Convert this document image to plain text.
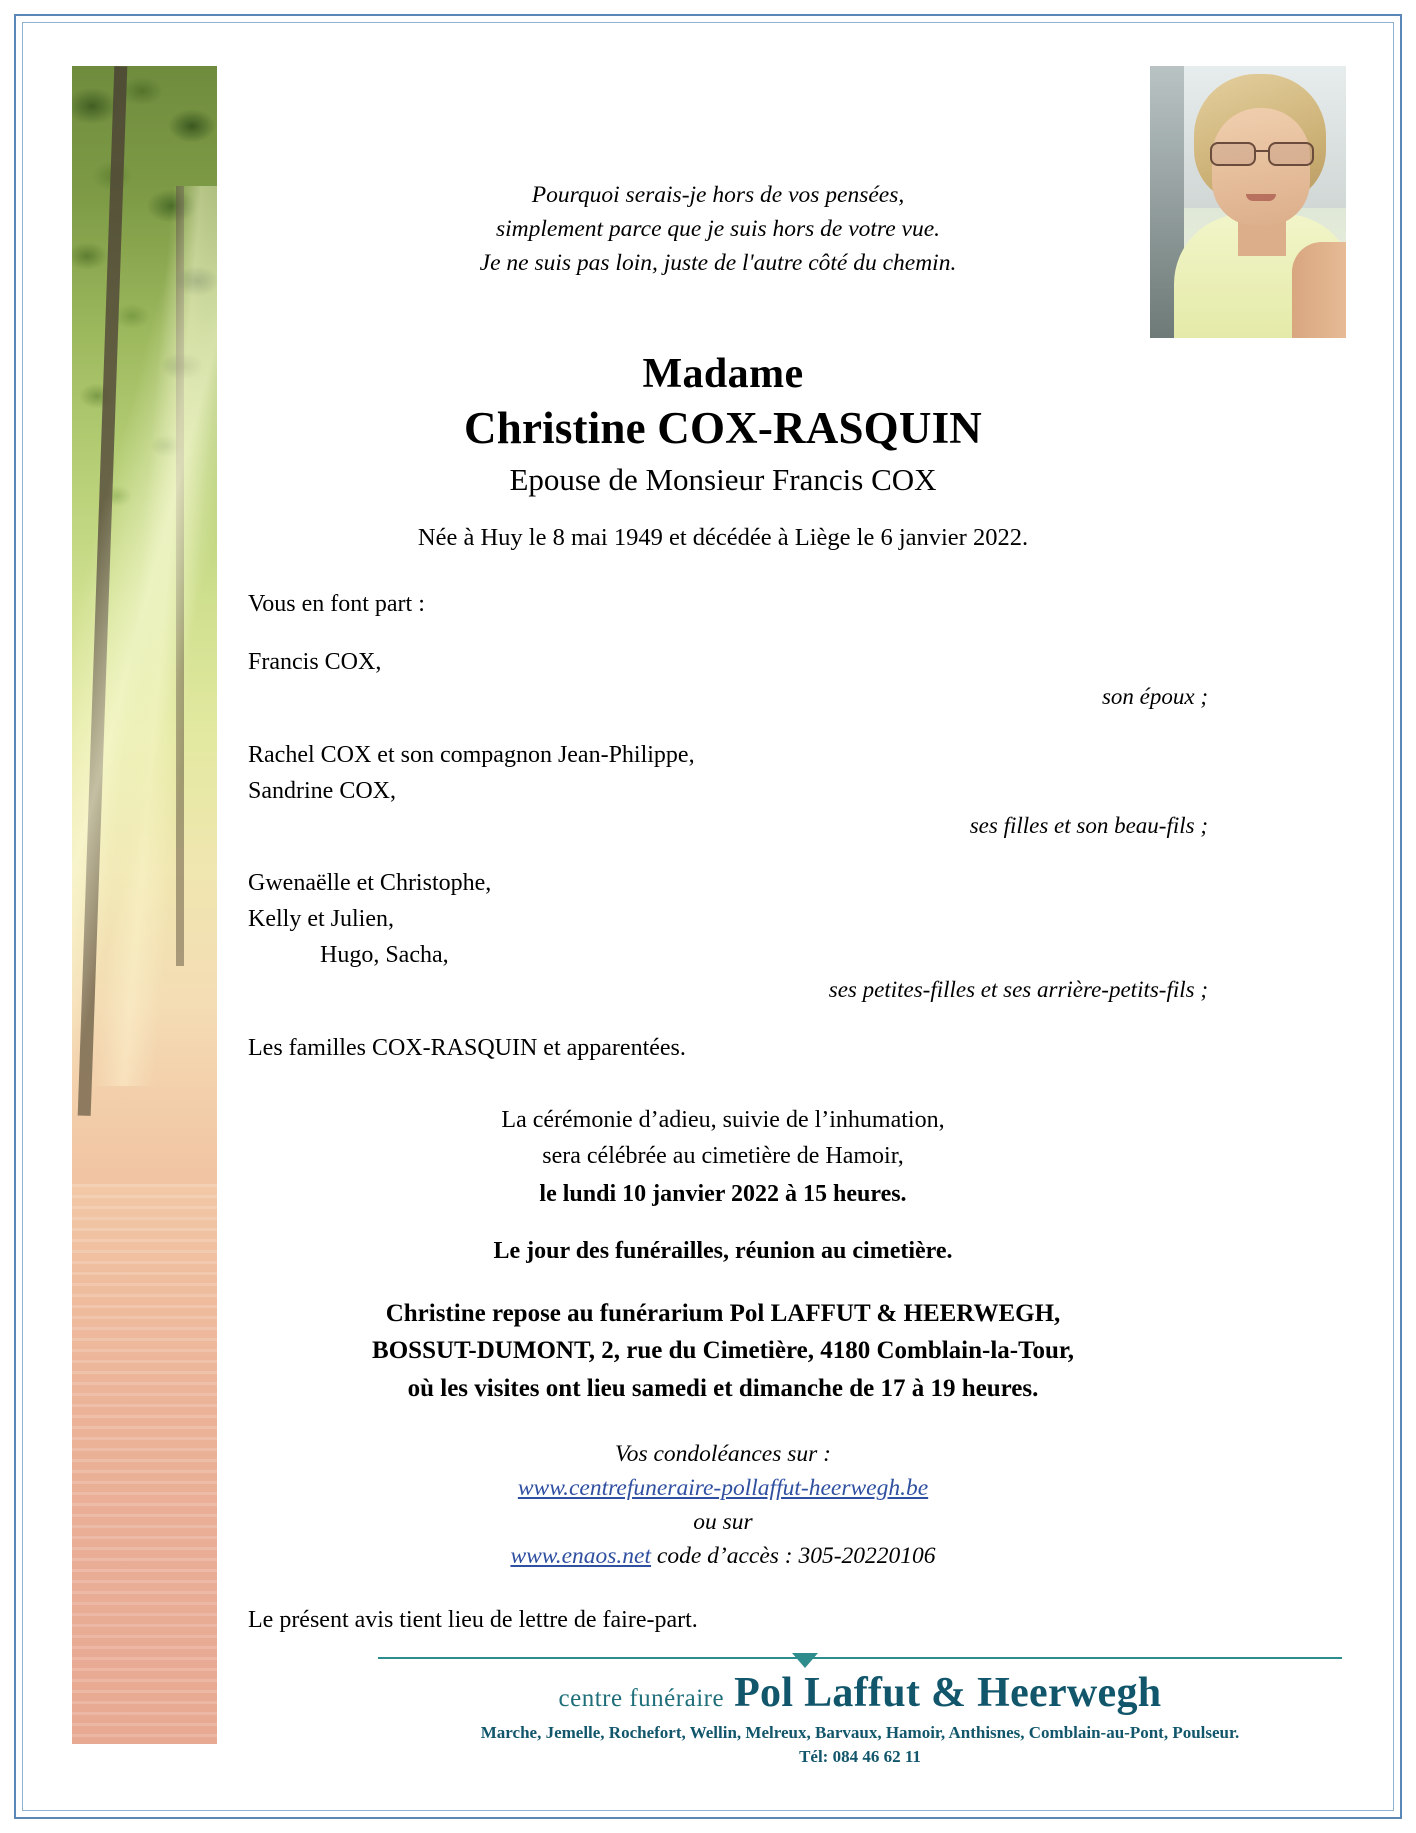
Pourquoi serais-je hors de vos pensées,
simplement parce que je suis hors de votre vue.
Je ne suis pas loin, juste de l'autre côté du chemin.
Madame
Christine COX-RASQUIN
Epouse de Monsieur Francis COX
Née à Huy le 8 mai 1949 et décédée à Liège le 6 janvier 2022.
Vous en font part :
Francis COX,
son époux ;
Rachel COX et son compagnon Jean-Philippe,
Sandrine COX,
ses filles et son beau-fils ;
Gwenaëlle et Christophe,
Kelly et Julien,
Hugo, Sacha,
ses petites-filles et ses arrière-petits-fils ;
Les familles COX-RASQUIN et apparentées.
La cérémonie d’adieu, suivie de l’inhumation,
sera célébrée au cimetière de Hamoir,
le lundi 10 janvier 2022 à 15 heures.
Le jour des funérailles, réunion au cimetière.
Christine repose au funérarium Pol LAFFUT & HEERWEGH,
BOSSUT-DUMONT, 2, rue du Cimetière, 4180 Comblain-la-Tour,
où les visites ont lieu samedi et dimanche de 17 à 19 heures.
Vos condoléances sur :
www.centrefuneraire-pollaffut-heerwegh.be
ou sur
www.enaos.net code d’accès : 305-20220106
Le présent avis tient lieu de lettre de faire-part.
centre funéraire Pol Laffut & Heerwegh
Marche, Jemelle, Rochefort, Wellin, Melreux, Barvaux, Hamoir, Anthisnes, Comblain-au-Pont, Poulseur.
Tél: 084 46 62 11
